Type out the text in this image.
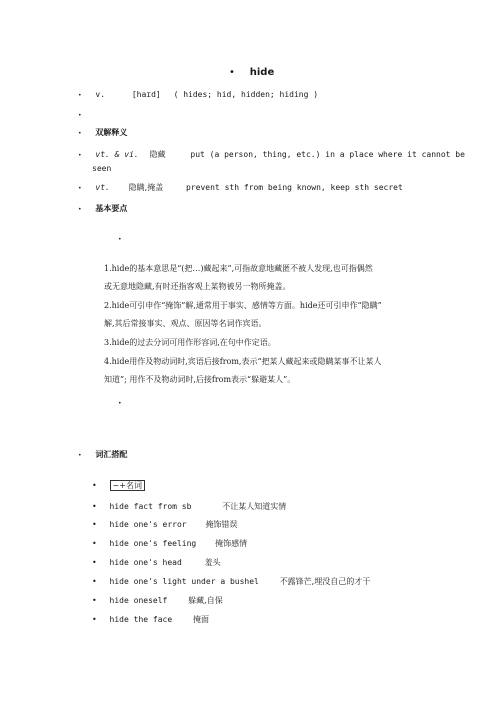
• hide
• v.	[haɪd] ( hides; hid, hidden; hiding )
•
• 双解释义
• vt. & vi. 隐藏	put (a person, thing, etc.) in a place where it cannot be
seen
• vt. 隐瞒,掩盖	prevent sth from being known, keep sth secret
• 基本要点
•
1.hide的基本意思是“(把…)藏起来”,可指故意地藏匿不被人发现,也可指偶然
或无意地隐藏,有时还指客观上某物被另一物所掩盖。
2.hide可引申作“掩饰”解,通常用于事实、感情等方面。hide还可引申作“隐瞒”
解,其后常接事实、观点、原因等名词作宾语。
3.hide的过去分词可用作形容词,在句中作定语。
4.hide用作及物动词时,宾语后接from,表示“把某人藏起来或隐瞒某事不让某人
知道”; 用作不及物动词时,后接from表示“躲避某人”。
•
• 词汇搭配
• ~+名词
• hide fact from sb	不让某人知道实情
• hide one's error 掩饰错误
• hide one's feeling 掩饰感情
• hide one's head	羞头
• hide one's light under a bushel	不露锋芒,埋没自己的才干
• hide oneself	躲藏,自保
• hide the face	掩面
